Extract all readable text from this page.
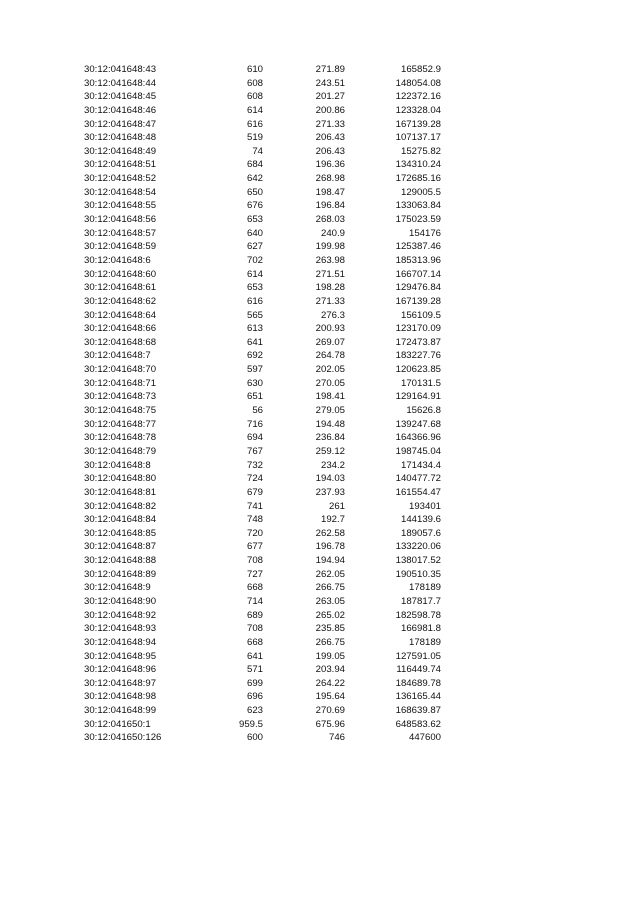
30:12:041648:43	610	271.89	165852.9
30:12:041648:44	608	243.51	148054.08
30:12:041648:45	608	201.27	122372.16
30:12:041648:46	614	200.86	123328.04
30:12:041648:47	616	271.33	167139.28
30:12:041648:48	519	206.43	107137.17
30:12:041648:49	74	206.43	15275.82
30:12:041648:51	684	196.36	134310.24
30:12:041648:52	642	268.98	172685.16
30:12:041648:54	650	198.47	129005.5
30:12:041648:55	676	196.84	133063.84
30:12:041648:56	653	268.03	175023.59
30:12:041648:57	640	240.9	154176
30:12:041648:59	627	199.98	125387.46
30:12:041648:6	702	263.98	185313.96
30:12:041648:60	614	271.51	166707.14
30:12:041648:61	653	198.28	129476.84
30:12:041648:62	616	271.33	167139.28
30:12:041648:64	565	276.3	156109.5
30:12:041648:66	613	200.93	123170.09
30:12:041648:68	641	269.07	172473.87
30:12:041648:7	692	264.78	183227.76
30:12:041648:70	597	202.05	120623.85
30:12:041648:71	630	270.05	170131.5
30:12:041648:73	651	198.41	129164.91
30:12:041648:75	56	279.05	15626.8
30:12:041648:77	716	194.48	139247.68
30:12:041648:78	694	236.84	164366.96
30:12:041648:79	767	259.12	198745.04
30:12:041648:8	732	234.2	171434.4
30:12:041648:80	724	194.03	140477.72
30:12:041648:81	679	237.93	161554.47
30:12:041648:82	741	261	193401
30:12:041648:84	748	192.7	144139.6
30:12:041648:85	720	262.58	189057.6
30:12:041648:87	677	196.78	133220.06
30:12:041648:88	708	194.94	138017.52
30:12:041648:89	727	262.05	190510.35
30:12:041648:9	668	266.75	178189
30:12:041648:90	714	263.05	187817.7
30:12:041648:92	689	265.02	182598.78
30:12:041648:93	708	235.85	166981.8
30:12:041648:94	668	266.75	178189
30:12:041648:95	641	199.05	127591.05
30:12:041648:96	571	203.94	116449.74
30:12:041648:97	699	264.22	184689.78
30:12:041648:98	696	195.64	136165.44
30:12:041648:99	623	270.69	168639.87
30:12:041650:1	959.5	675.96	648583.62
30:12:041650:126	600	746	447600
